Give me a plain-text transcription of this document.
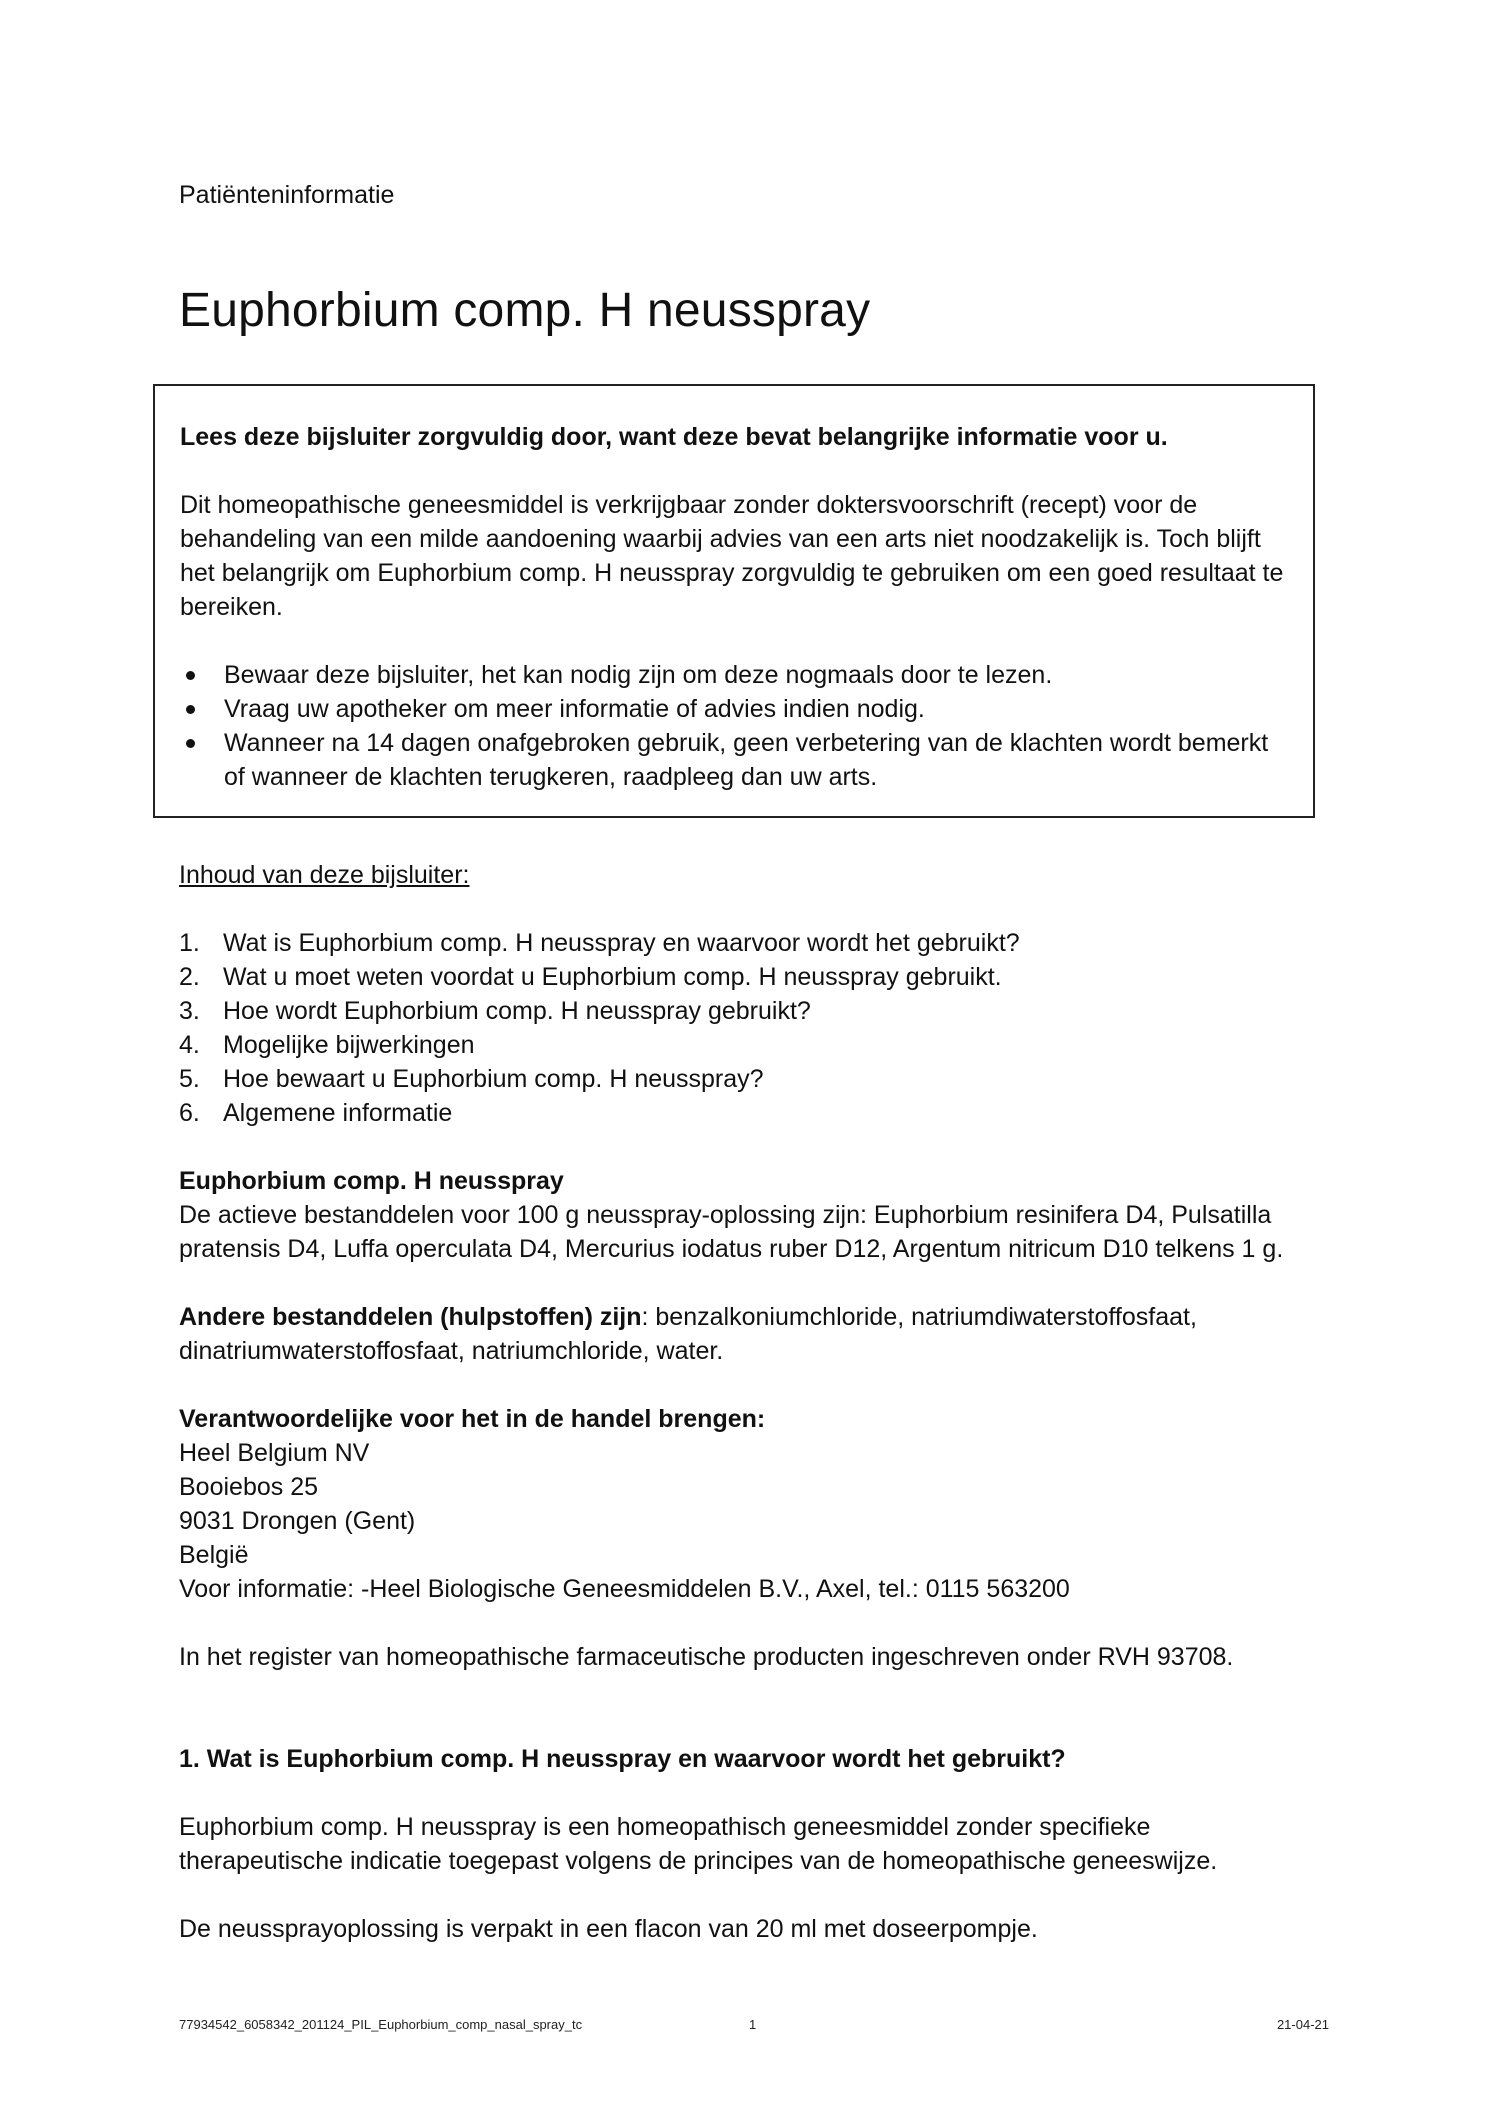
Patiënteninformatie

Euphorbium comp. H neusspray

Lees deze bijsluiter zorgvuldig door, want deze bevat belangrijke informatie voor u.

Dit homeopathische geneesmiddel is verkrijgbaar zonder doktersvoorschrift (recept) voor de behandeling van een milde aandoening waarbij advies van een arts niet noodzakelijk is. Toch blijft het belangrijk om Euphorbium comp. H neusspray zorgvuldig te gebruiken om een goed resultaat te bereiken.

Bewaar deze bijsluiter, het kan nodig zijn om deze nogmaals door te lezen.
Vraag uw apotheker om meer informatie of advies indien nodig.
Wanneer na 14 dagen onafgebroken gebruik, geen verbetering van de klachten wordt bemerkt of wanneer de klachten terugkeren, raadpleeg dan uw arts.

Inhoud van deze bijsluiter:

1. Wat is Euphorbium comp. H neusspray en waarvoor wordt het gebruikt?
2. Wat u moet weten voordat u Euphorbium comp. H neusspray gebruikt.
3. Hoe wordt Euphorbium comp. H neusspray gebruikt?
4. Mogelijke bijwerkingen
5. Hoe bewaart u Euphorbium comp. H neusspray?
6. Algemene informatie
Euphorbium comp. H neusspray
De actieve bestanddelen voor 100 g neusspray-oplossing zijn: Euphorbium resinifera D4, Pulsatilla pratensis D4, Luffa operculata D4, Mercurius iodatus ruber D12, Argentum nitricum D10 telkens 1 g.

Andere bestanddelen (hulpstoffen) zijn: benzalkoniumchloride, natriumdiwaterstoffosfaat, dinatriumwaterstoffosfaat, natriumchloride, water.

Verantwoordelijke voor het in de handel brengen:
Heel Belgium NV
Booiebos 25
9031 Drongen (Gent)
België
Voor informatie: -Heel Biologische Geneesmiddelen B.V., Axel, tel.: 0115 563200

In het register van homeopathische farmaceutische producten ingeschreven onder RVH 93708.

1. Wat is Euphorbium comp. H neusspray en waarvoor wordt het gebruikt?

Euphorbium comp. H neusspray is een homeopathisch geneesmiddel zonder specifieke therapeutische indicatie toegepast volgens de principes van de homeopathische geneeswijze.

De neussprayoplossing is verpakt in een flacon van 20 ml met doseerpompje.

77934542_6058342_201124_PIL_Euphorbium_comp_nasal_spray_tc	1	21-04-21
